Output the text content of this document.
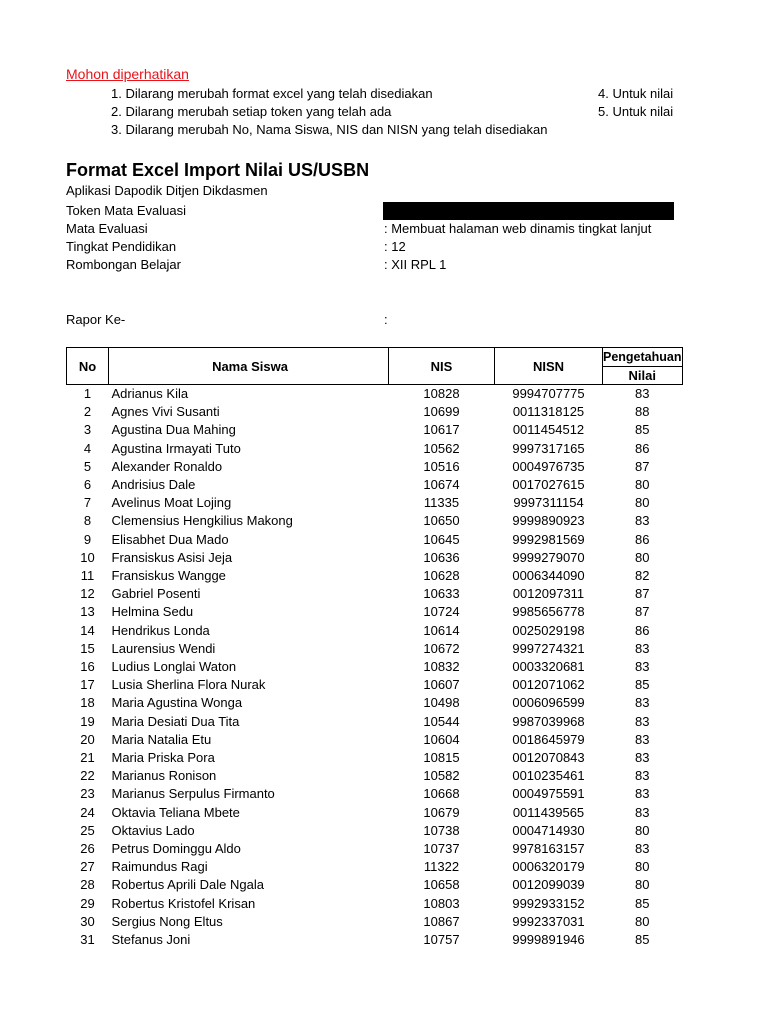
Mohon diperhatikan
1. Dilarang merubah format excel yang telah disediakan
2. Dilarang merubah setiap token yang telah ada
3. Dilarang merubah No, Nama Siswa, NIS dan NISN yang telah disediakan
4. Untuk nilai
5. Untuk nilai
Format Excel Import Nilai US/USBN
Aplikasi Dapodik Ditjen Dikdasmen
Token Mata Evaluasi
Mata Evaluasi	: Membuat halaman web dinamis tingkat lanjut
Tingkat Pendidikan	: 12
Rombongan Belajar	: XII RPL 1
Rapor Ke-	:
No	Nama Siswa	NIS	NISN	Pengetahuan
				Nilai
1	Adrianus Kila	10828	9994707775	83
2	Agnes Vivi Susanti	10699	0011318125	88
3	Agustina Dua Mahing	10617	0011454512	85
4	Agustina Irmayati Tuto	10562	9997317165	86
5	Alexander Ronaldo	10516	0004976735	87
6	Andrisius Dale	10674	0017027615	80
7	Avelinus Moat Lojing	11335	9997311154	80
8	Clemensius Hengkilius Makong	10650	9999890923	83
9	Elisabhet Dua Mado	10645	9992981569	86
10	Fransiskus Asisi Jeja	10636	9999279070	80
11	Fransiskus Wangge	10628	0006344090	82
12	Gabriel Posenti	10633	0012097311	87
13	Helmina Sedu	10724	9985656778	87
14	Hendrikus Londa	10614	0025029198	86
15	Laurensius Wendi	10672	9997274321	83
16	Ludius Longlai Waton	10832	0003320681	83
17	Lusia Sherlina Flora Nurak	10607	0012071062	85
18	Maria Agustina Wonga	10498	0006096599	83
19	Maria Desiati Dua Tita	10544	9987039968	83
20	Maria Natalia Etu	10604	0018645979	83
21	Maria Priska Pora	10815	0012070843	83
22	Marianus Ronison	10582	0010235461	83
23	Marianus Serpulus Firmanto	10668	0004975591	83
24	Oktavia Teliana Mbete	10679	0011439565	83
25	Oktavius Lado	10738	0004714930	80
26	Petrus Dominggu Aldo	10737	9978163157	83
27	Raimundus Ragi	11322	0006320179	80
28	Robertus Aprili Dale Ngala	10658	0012099039	80
29	Robertus Kristofel Krisan	10803	9992933152	85
30	Sergius Nong Eltus	10867	9992337031	80
31	Stefanus Joni	10757	9999891946	85
